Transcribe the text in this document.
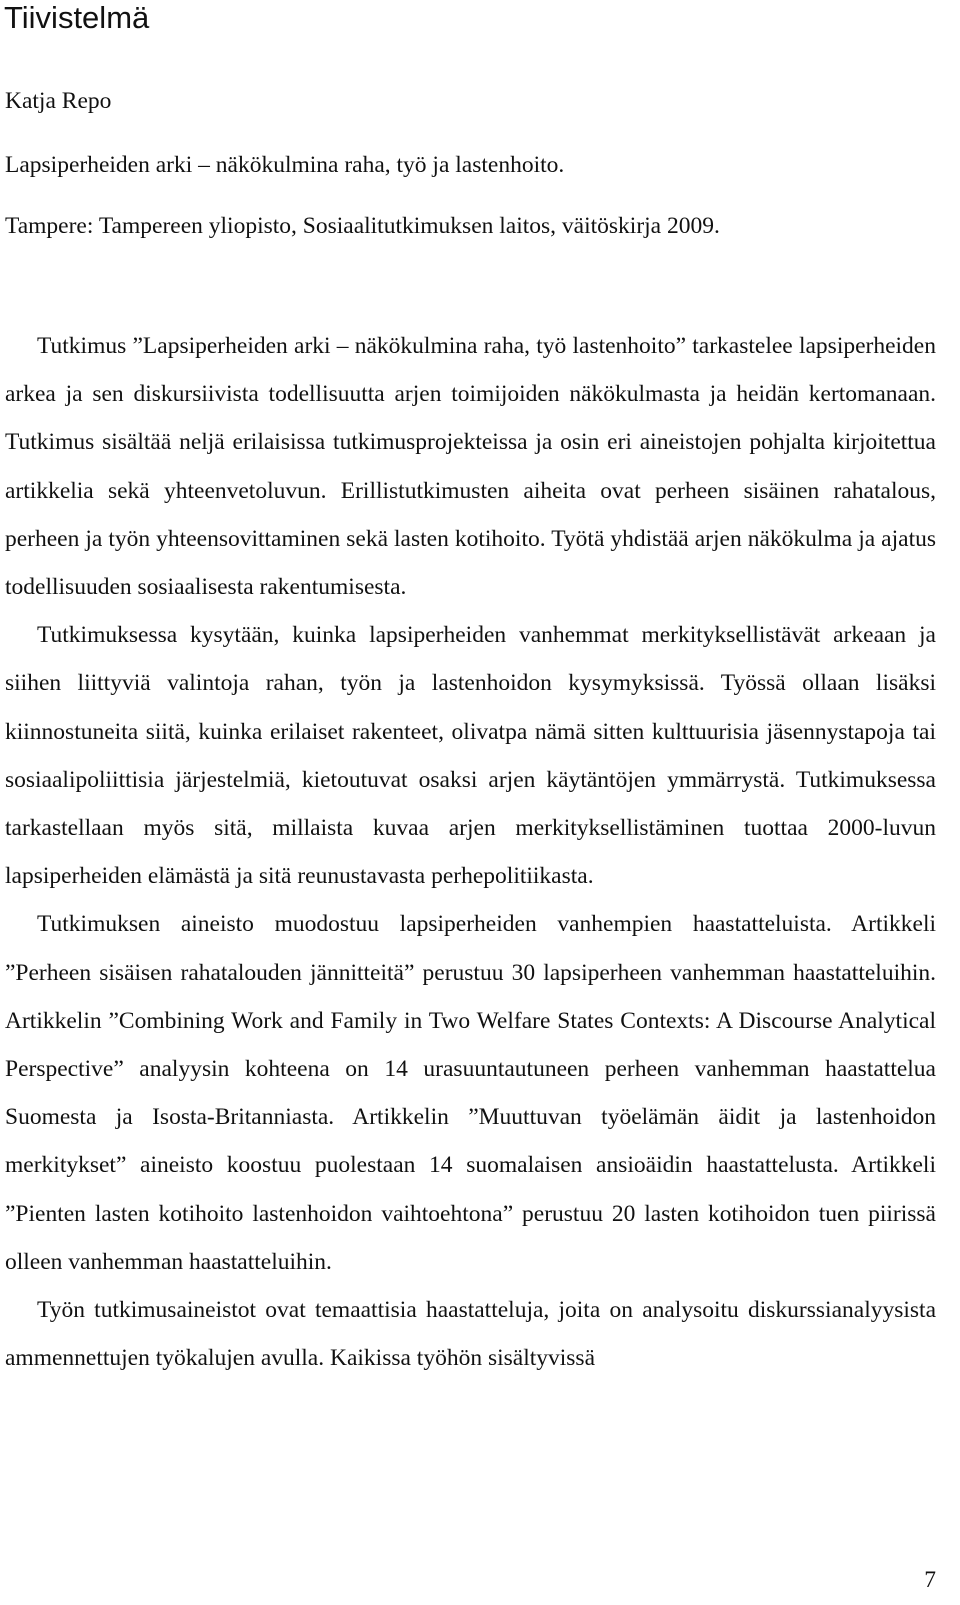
Tiivistelmä

Katja Repo

Lapsiperheiden arki – näkökulmina raha, työ ja lastenhoito.

Tampere: Tampereen yliopisto, Sosiaalitutkimuksen laitos, väitöskirja 2009.

Tutkimus ”Lapsiperheiden arki – näkökulmina raha, työ lastenhoito” tarkastelee lapsiperheiden arkea ja sen diskursiivista todellisuutta arjen toimijoiden näkökulmasta ja heidän kertomanaan. Tutkimus sisältää neljä erilaisissa tutkimusprojekteissa ja osin eri aineistojen pohjalta kirjoitettua artikkelia sekä yhteenvetoluvun. Erillistutkimusten aiheita ovat perheen sisäinen rahatalous, perheen ja työn yhteensovittaminen sekä lasten kotihoito. Työtä yhdistää arjen näkökulma ja ajatus todellisuuden sosiaalisesta rakentumisesta.

Tutkimuksessa kysytään, kuinka lapsiperheiden vanhemmat merkityksellistävät arkeaan ja siihen liittyviä valintoja rahan, työn ja lastenhoidon kysymyksissä. Työssä ollaan lisäksi kiinnostuneita siitä, kuinka erilaiset rakenteet, olivatpa nämä sitten kulttuurisia jäsennystapoja tai sosiaalipoliittisia järjestelmiä, kietoutuvat osaksi arjen käytäntöjen ymmärrystä. Tutkimuksessa tarkastellaan myös sitä, millaista kuvaa arjen merkityksellistäminen tuottaa 2000-luvun lapsiperheiden elämästä ja sitä reunustavasta perhepolitiikasta.

Tutkimuksen aineisto muodostuu lapsiperheiden vanhempien haastatteluista. Artikkeli ”Perheen sisäisen rahatalouden jännitteitä” perustuu 30 lapsiperheen vanhemman haastatteluihin. Artikkelin ”Combining Work and Family in Two Welfare States Contexts: A Discourse Analytical Perspective” analyysin kohteena on 14 urasuuntautuneen perheen vanhemman haastattelua Suomesta ja Isosta-Britanniasta. Artikkelin ”Muuttuvan työelämän äidit ja lastenhoidon merkitykset” aineisto koostuu puolestaan 14 suomalaisen ansioäidin haastattelusta. Artikkeli ”Pienten lasten kotihoito lastenhoidon vaihtoehtona” perustuu 20 lasten kotihoidon tuen piirissä olleen vanhemman haastatteluihin.

Työn tutkimusaineistot ovat temaattisia haastatteluja, joita on analysoitu diskurssianalyysista ammennettujen työkalujen avulla. Kaikissa työhön sisältyvissä

7
